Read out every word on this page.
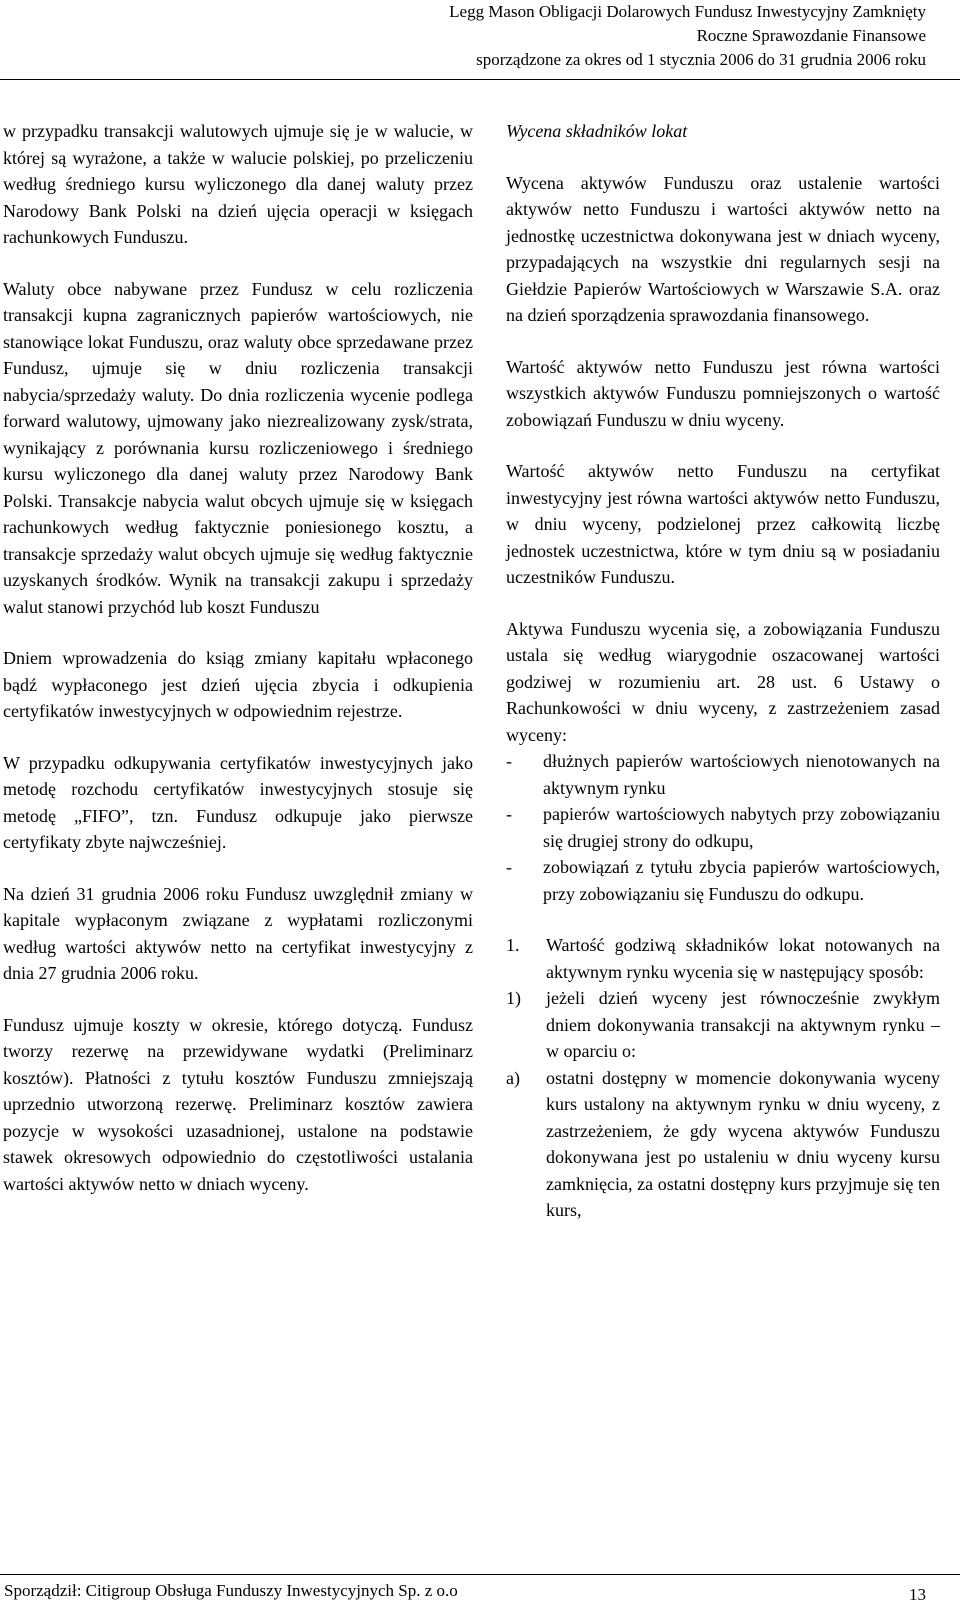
Legg Mason Obligacji Dolarowych Fundusz Inwestycyjny Zamknięty
Roczne Sprawozdanie Finansowe
sporządzone za okres od 1 stycznia 2006 do 31 grudnia 2006 roku

w przypadku transakcji walutowych ujmuje się je w walucie, w której są wyrażone, a także w walucie polskiej, po przeliczeniu według średniego kursu wyliczonego dla danej waluty przez Narodowy Bank Polski na dzień ujęcia operacji w księgach rachunkowych Funduszu.

Waluty obce nabywane przez Fundusz w celu rozliczenia transakcji kupna zagranicznych papierów wartościowych, nie stanowiące lokat Funduszu, oraz waluty obce sprzedawane przez Fundusz, ujmuje się w dniu rozliczenia transakcji nabycia/sprzedaży waluty. Do dnia rozliczenia wycenie podlega forward walutowy, ujmowany jako niezrealizowany zysk/strata, wynikający z porównania kursu rozliczeniowego i średniego kursu wyliczonego dla danej waluty przez Narodowy Bank Polski. Transakcje nabycia walut obcych ujmuje się w księgach rachunkowych według faktycznie poniesionego kosztu, a transakcje sprzedaży walut obcych ujmuje się według faktycznie uzyskanych środków. Wynik na transakcji zakupu i sprzedaży walut stanowi przychód lub koszt Funduszu

Dniem wprowadzenia do ksiąg zmiany kapitału wpłaconego bądź wypłaconego jest dzień ujęcia zbycia i odkupienia certyfikatów inwestycyjnych w odpowiednim rejestrze.

W przypadku odkupywania certyfikatów inwestycyjnych jako metodę rozchodu certyfikatów inwestycyjnych stosuje się metodę „FIFO”, tzn. Fundusz odkupuje jako pierwsze certyfikaty zbyte najwcześniej.

Na dzień 31 grudnia 2006 roku Fundusz uwzględnił zmiany w kapitale wypłaconym związane z wypłatami rozliczonymi według wartości aktywów netto na certyfikat inwestycyjny z dnia 27 grudnia 2006 roku.

Fundusz ujmuje koszty w okresie, którego dotyczą. Fundusz tworzy rezerwę na przewidywane wydatki (Preliminarz kosztów). Płatności z tytułu kosztów Funduszu zmniejszają uprzednio utworzoną rezerwę. Preliminarz kosztów zawiera pozycje w wysokości uzasadnionej, ustalone na podstawie stawek okresowych odpowiednio do częstotliwości ustalania wartości aktywów netto w dniach wyceny.

Wycena składników lokat

Wycena aktywów Funduszu oraz ustalenie wartości aktywów netto Funduszu i wartości aktywów netto na jednostkę uczestnictwa dokonywana jest w dniach wyceny, przypadających na wszystkie dni regularnych sesji na Giełdzie Papierów Wartościowych w Warszawie S.A. oraz na dzień sporządzenia sprawozdania finansowego.

Wartość aktywów netto Funduszu jest równa wartości wszystkich aktywów Funduszu pomniejszonych o wartość zobowiązań Funduszu w dniu wyceny.

Wartość aktywów netto Funduszu na certyfikat inwestycyjny jest równa wartości aktywów netto Funduszu, w dniu wyceny, podzielonej przez całkowitą liczbę jednostek uczestnictwa, które w tym dniu są w posiadaniu uczestników Funduszu.

Aktywa Funduszu wycenia się, a zobowiązania Funduszu ustala się według wiarygodnie oszacowanej wartości godziwej w rozumieniu art. 28 ust. 6 Ustawy o Rachunkowości w dniu wyceny, z zastrzeżeniem zasad wyceny:

- dłużnych papierów wartościowych nienotowanych na aktywnym rynku
- papierów wartościowych nabytych przy zobowiązaniu się drugiej strony do odkupu,
- zobowiązań z tytułu zbycia papierów wartościowych, przy zobowiązaniu się Funduszu do odkupu.
1. Wartość godziwą składników lokat notowanych na aktywnym rynku wycenia się w następujący sposób:
1) jeżeli dzień wyceny jest równocześnie zwykłym dniem dokonywania transakcji na aktywnym rynku – w oparciu o:
a) ostatni dostępny w momencie dokonywania wyceny kurs ustalony na aktywnym rynku w dniu wyceny, z zastrzeżeniem, że gdy wycena aktywów Funduszu dokonywana jest po ustaleniu w dniu wyceny kursu zamknięcia, za ostatni dostępny kurs przyjmuje się ten kurs,
Sporządził: Citigroup Obsługa Funduszy Inwestycyjnych Sp. z o.o	13
